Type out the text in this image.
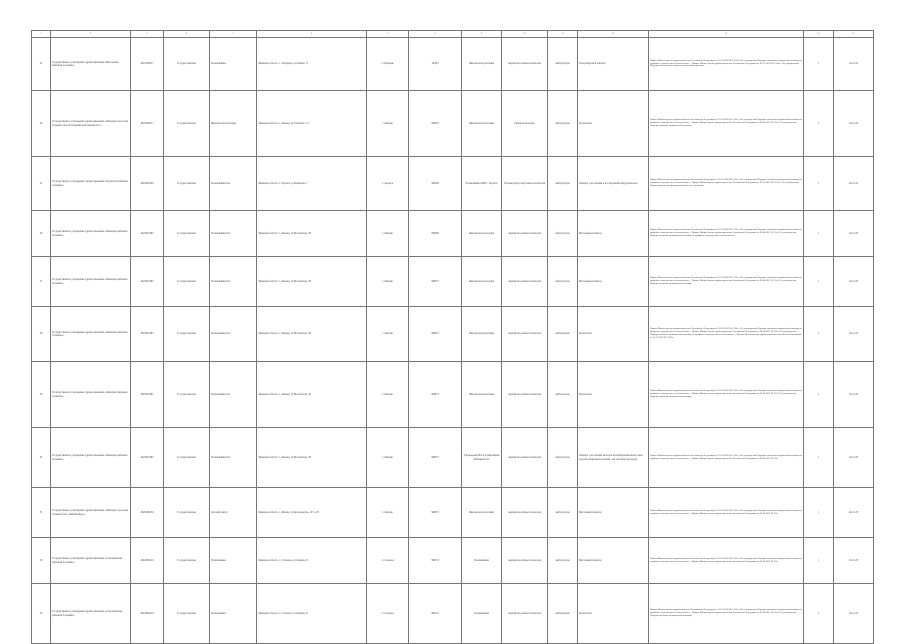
1	2	3	4	5	6	7	8	9	10	11	12	13	14	15
23	Государственное учреждение здравоохранения «Ипатовская районная больница»	4610148977	Государственная	Поликлиника	Липецкая область, с. Лебедянь, ул.Ленина, 71	г. Лебедянь	193ДЗ	Женская консультация	Акушерско-гинекологическая	Амбулаторно	Ультразвуковой аппарат	Приказ Министерства здравоохранения Российской Федерации от 20.10.2020 № 1130н «Об утверждении Порядка оказания медицинской помощи по профилю «акушерство и гинекология»», Приказ Министерства здравоохранения Российской Федерации от 30.12.2020 № 1358н «Об утверждении Порядка обеспечения лекарственными препаратами»	1	19.12.23
24	Государственное учреждение здравоохранения «Липецкая городская больница скорой медицинской помощи № 1»	4825096517	Государственная	Женская консультация	Липецкая область, г. Липецк, ул.Гагарина, 117	г. Липецк	398055	Женская консультация	Гинекологическая	Амбулаторно	Кольпоскоп	Приказ Министерства здравоохранения Российской Федерации от 20.10.2020 № 1130н «Об утверждении Порядка оказания медицинской помощи по профилю «акушерство и гинекология»», Приказ Министерства здравоохранения Российской Федерации от 28.04.2011 № 364 «Об утверждении Порядка оказания медицинской помощи»	1	19.12.23
25	Государственное учреждение здравоохранения «Задонская районная больница»	4816001840	Государственная	Поликлиника №1	Липецкая область, г. Задонск, ул.Коммуны, 7	г. Задонск	399200	Поликлиника ЦРБ г. Задонск	Детская (взрослая) гинекологическая	Амбулаторно	Аппарат для лечения и исследования хирургического	Приказ Министерства здравоохранения Российской Федерации от 20.10.2020 № 1130н «Об утверждении Порядка оказания медицинской помощи по профилю «акушерство и гинекология»», Приказ Министерства здравоохранения Российской Федерации от 28.12.2012 № 1573н «Об утверждении Правил проведения функциональных исследований»	1	20.12.23
26	Государственное учреждение здравоохранения «Липецкая районная больница»	4825021985	Государственная	Поликлиника №2	Липецкая область, г. Липецк, ул.Московская, 36	г. Липецк	398020	Женская консультация	Акушерско-гинекологическая	Амбулаторно	Фетальный монитор	Приказ Министерства здравоохранения Российской Федерации от 20.10.2020 № 1130н «Об утверждении Порядка оказания медицинской помощи по профилю «акушерство и гинекология»», Приказ Министерства здравоохранения Российской Федерации от 28.04.2011 № 364 «Об утверждении Порядка оказания медицинской помощи по профилю «акушерство и гинекология»»	1	19.12.23
27	Государственное учреждение здравоохранения «Липецкая районная больница»	4825021985	Государственная	Поликлиника №2	Липецкая область, г. Липецк, ул.Московская, 36	г. Липецк	398075	Женская консультация	Акушерско-гинекологическая	Амбулаторно	Фетальный монитор	Приказ Министерства здравоохранения Российской Федерации от 20.10.2020 № 1130н «Об утверждении Порядка оказания медицинской помощи по профилю «акушерство и гинекология»», Приказ Министерства здравоохранения Российской Федерации от 28.04.2011 № 364 «Об утверждении Порядка оказания медицинской помощи»	1	19.12.23
28	Государственное учреждение здравоохранения «Липецкая районная больница»	4825021985	Государственная	Поликлиника №3	Липецкая область, г. Липецк, ул.Московская, 36	г. Липецк	398075	Женская консультация	Акушерско-гинекологическая	Амбулаторно	Кольпоскоп	Приказ Министерства здравоохранения Российской Федерации от 20.10.2020 № 1130н «Об утверждении Порядка оказания медицинской помощи по профилю «акушерство и гинекология»», Приказ Министерства здравоохранения Российской Федерации от 28.04.2011 № 364 «Об утверждении Порядка оказания медицинской помощи по профилю «акушерство и гинекология»», Приказ Министерства здравоохранения Российской Федерации от 30.12.2020 № 1358н	1	19.12.23
29	Государственное учреждение здравоохранения «Липецкая районная больница»	4825021985	Государственная	Поликлиника №1	Липецкая область, г. Липецк, ул.Московская, 36	г. Липецк	398075	Женская консультация	Акушерско-гинекологическая	Амбулаторно	Кольпоскоп	Приказ Министерства здравоохранения Российской Федерации от 20.10.2020 № 1130н «Об утверждении Порядка оказания медицинской помощи по профилю «акушерство и гинекология»», Приказ Министерства здравоохранения Российской Федерации от 28.04.2011 № 364 «Об утверждении Порядка оказания медицинской помощи»	1	19.12.23
30	Государственное учреждение здравоохранения «Липецкая районная больница»	4825021985	Государственная	Поликлиника №2	Липецкая область, г. Липецк, ул.Московская, 36	г. Липецк	398075	Учреждения МО и поликлиники Липецкой обл.	Акушерско-гинекологическая	Амбулаторно	Аппарат для лечения методом интерференционных токов, для ингаляционной терапии, для тепловых процедур	Приказ Министерства здравоохранения Российской Федерации от 20.10.2020 № 1130н «Об утверждении Порядка оказания медицинской помощи по профилю «акушерство и гинекология»», Приказ Министерства здравоохранения Российской Федерации от 28.04.2011 № 364	1	19.12.23
31	Государственное учреждение здравоохранения «Липецкая городская больница №4 «Липецк-Мед»»	4825066250	Государственная	Детский центр	Липецкая область, г. Липецк, ул.Космонавтов, 107, к. В	г. Липецк	398075	Женская консультация	Акушерско-гинекологическая	Амбулаторно	Фетальный монитор	Приказ Министерства здравоохранения Российской Федерации от 20.10.2020 № 1130н «Об утверждении Порядка оказания медицинской помощи по профилю «акушерство и гинекология»», Приказ Министерства здравоохранения Российской Федерации от 28.04.2011 № 364	1	20.12.23
32	Государственное учреждение здравоохранения «Становлянская районная больница»	4814009410	Государственная	Поликлиника	Липецкая область, с. Становое, ул.Ленина, 21	с. Становое	399710	Поликлиника	Акушерско-гинекологическая	Амбулаторно	Фетальный монитор	Приказ Министерства здравоохранения Российской Федерации от 20.10.2020 № 1130н «Об утверждении Порядка оказания медицинской помощи по профилю «акушерство и гинекология»», Приказ Министерства здравоохранения Российской Федерации от 28.04.2011 № 364	1	19.12.23
33	Государственное учреждение здравоохранения «Становлянская районная больница»	4814009410	Государственная	Поликлиника	Липецкая область, с. Становое, ул.Ленина, 21	с. Становое	399710	Поликлиника	Акушерско-гинекологическая	Амбулаторно	Кольпоскоп	Приказ Министерства здравоохранения Российской Федерации от 20.10.2020 № 1130н «Об утверждении Порядка оказания медицинской помощи по профилю «акушерство и гинекология»», Приказ Министерства здравоохранения Российской Федерации от 28.04.2011 № 364 «Об утверждении Порядка оказания медицинской помощи»	1	19.12.23
